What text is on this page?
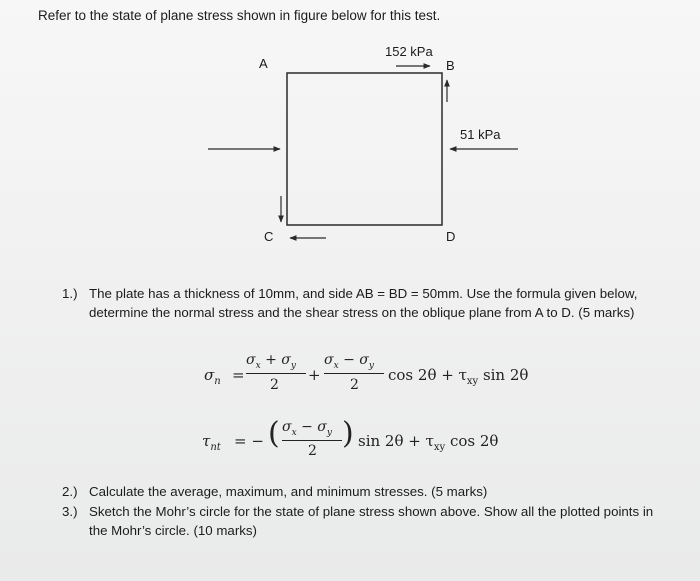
Refer to the state of plane stress shown in figure below for this test.
A	B
C	D
152 kPa
51 kPa
1.) The plate has a thickness of 10mm, and side AB = BD = 50mm. Use the formula given below, determine the normal stress and the shear stress on the oblique plane from A to D. (5 marks)
$\sigma_n$ =
$\sigma_x + \sigma_y$
2
+
$\sigma_x - \sigma_y$
2
$\cos 2\theta + \tau_{xy}$ sin 2θ
$\tau_{nt}$ = − ( $\sigma_x - \sigma_y$
2 ) $\sin 2\theta + \tau_{xy}$ cos 2θ
2.) Calculate the average, maximum, and minimum stresses. (5 marks)
3.) Sketch the Mohr’s circle for the state of plane stress shown above. Show all the plotted points in the Mohr’s circle. (10 marks)
